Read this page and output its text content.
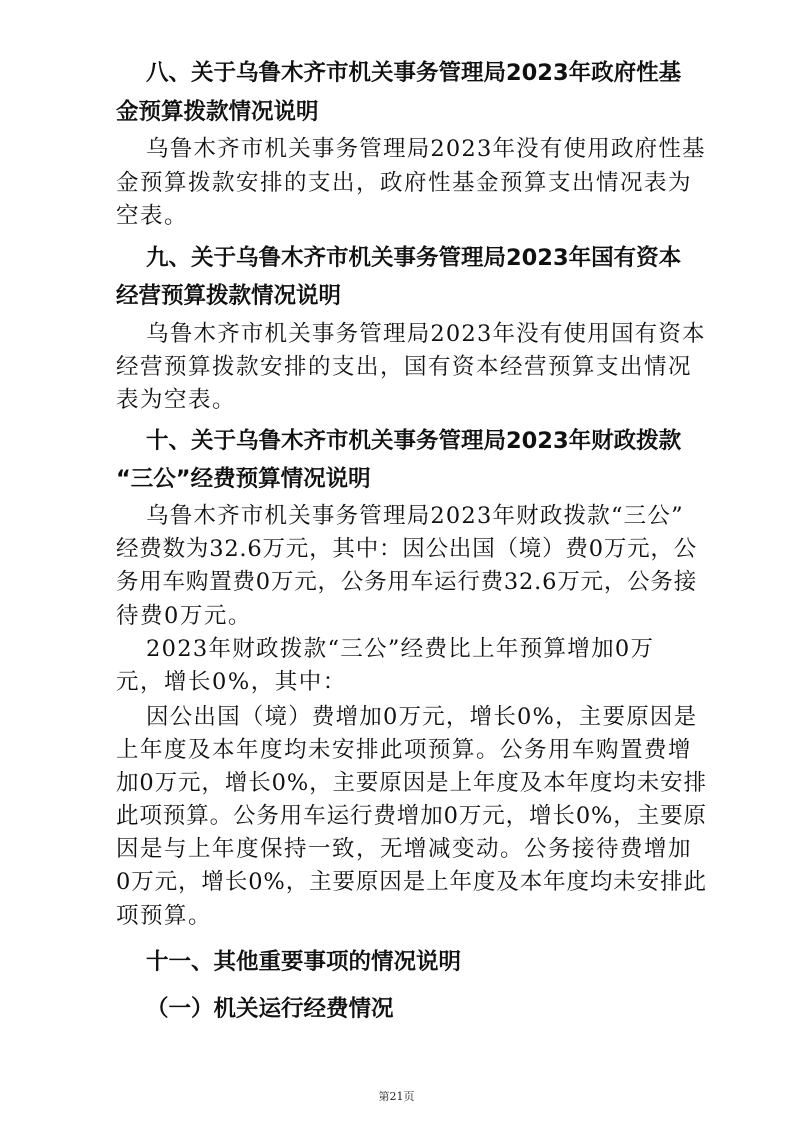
八、关于乌鲁木齐市机关事务管理局2023年政府性基
金预算拨款情况说明
乌鲁木齐市机关事务管理局2023年没有使用政府性基
金预算拨款安排的支出，政府性基金预算支出情况表为
空表。
九、关于乌鲁木齐市机关事务管理局2023年国有资本
经营预算拨款情况说明
乌鲁木齐市机关事务管理局2023年没有使用国有资本
经营预算拨款安排的支出，国有资本经营预算支出情况
表为空表。
十、关于乌鲁木齐市机关事务管理局2023年财政拨款
“三公”经费预算情况说明
乌鲁木齐市机关事务管理局2023年财政拨款“三公”
经费数为32.6万元，其中：因公出国（境）费0万元，公
务用车购置费0万元，公务用车运行费32.6万元，公务接
待费0万元。
2023年财政拨款“三公”经费比上年预算增加0万
元，增长0%，其中：
因公出国（境）费增加0万元，增长0%，主要原因是
上年度及本年度均未安排此项预算。公务用车购置费增
加0万元，增长0%，主要原因是上年度及本年度均未安排
此项预算。公务用车运行费增加0万元，增长0%，主要原
因是与上年度保持一致，无增减变动。公务接待费增加
0万元，增长0%，主要原因是上年度及本年度均未安排此
项预算。
十一、其他重要事项的情况说明
（一）机关运行经费情况
第21页
